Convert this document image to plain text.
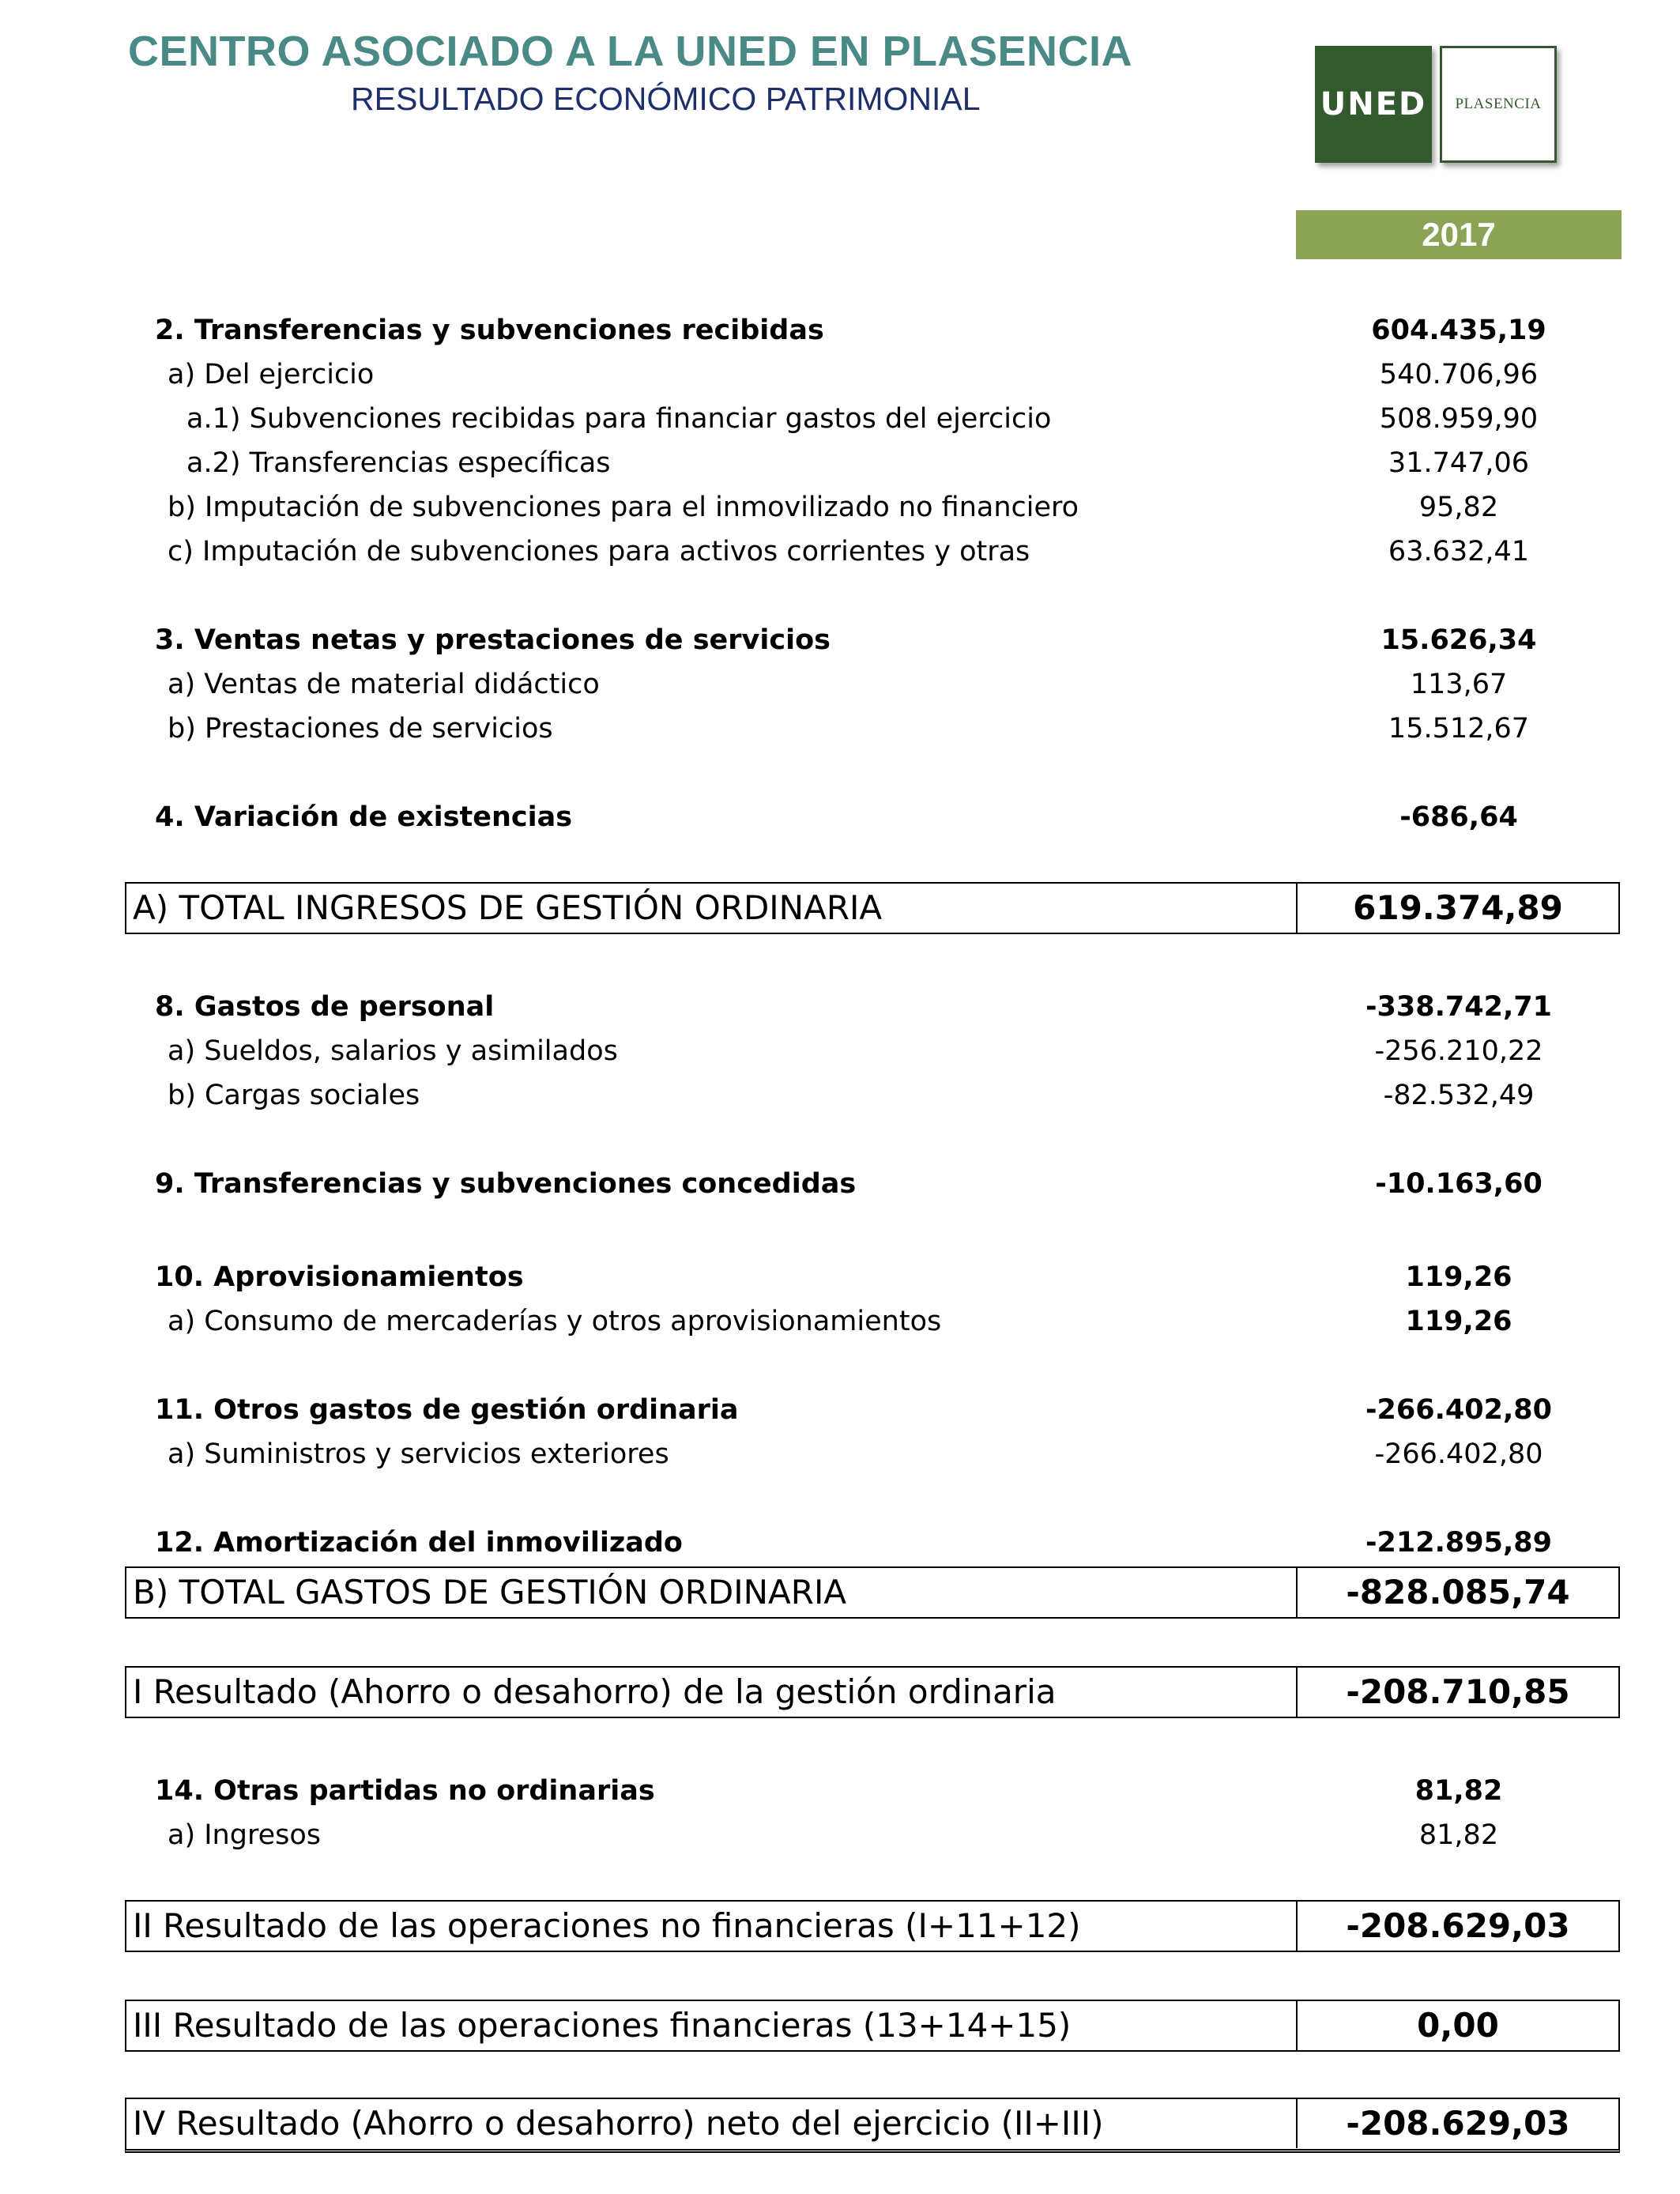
CENTRO ASOCIADO A LA UNED EN PLASENCIA
RESULTADO ECONÓMICO PATRIMONIAL	UNED	PLASENCIA
2017
2. Transferencias y subvenciones recibidas	604.435,19
a) Del ejercicio	540.706,96
a.1) Subvenciones recibidas para financiar gastos del ejercicio	508.959,90
a.2) Transferencias específicas	31.747,06
b) Imputación de subvenciones para el inmovilizado no financiero	95,82
c) Imputación de subvenciones para activos corrientes y otras	63.632,41
3. Ventas netas y prestaciones de servicios	15.626,34
a) Ventas de material didáctico	113,67
b) Prestaciones de servicios	15.512,67
4. Variación de existencias	-686,64
A) TOTAL INGRESOS DE GESTIÓN ORDINARIA	619.374,89
8. Gastos de personal	-338.742,71
a) Sueldos, salarios y asimilados	-256.210,22
b) Cargas sociales	-82.532,49
9. Transferencias y subvenciones concedidas	-10.163,60
10. Aprovisionamientos	119,26
a) Consumo de mercaderías y otros aprovisionamientos	119,26
11. Otros gastos de gestión ordinaria	-266.402,80
a) Suministros y servicios exteriores	-266.402,80
12. Amortización del inmovilizado	-212.895,89
B) TOTAL GASTOS DE GESTIÓN ORDINARIA	-828.085,74
I Resultado (Ahorro o desahorro) de la gestión ordinaria	-208.710,85
14. Otras partidas no ordinarias	81,82
a) Ingresos	81,82
II Resultado de las operaciones no financieras (I+11+12)	-208.629,03
III Resultado de las operaciones financieras (13+14+15)	0,00
IV Resultado (Ahorro o desahorro) neto del ejercicio (II+III)	-208.629,03
